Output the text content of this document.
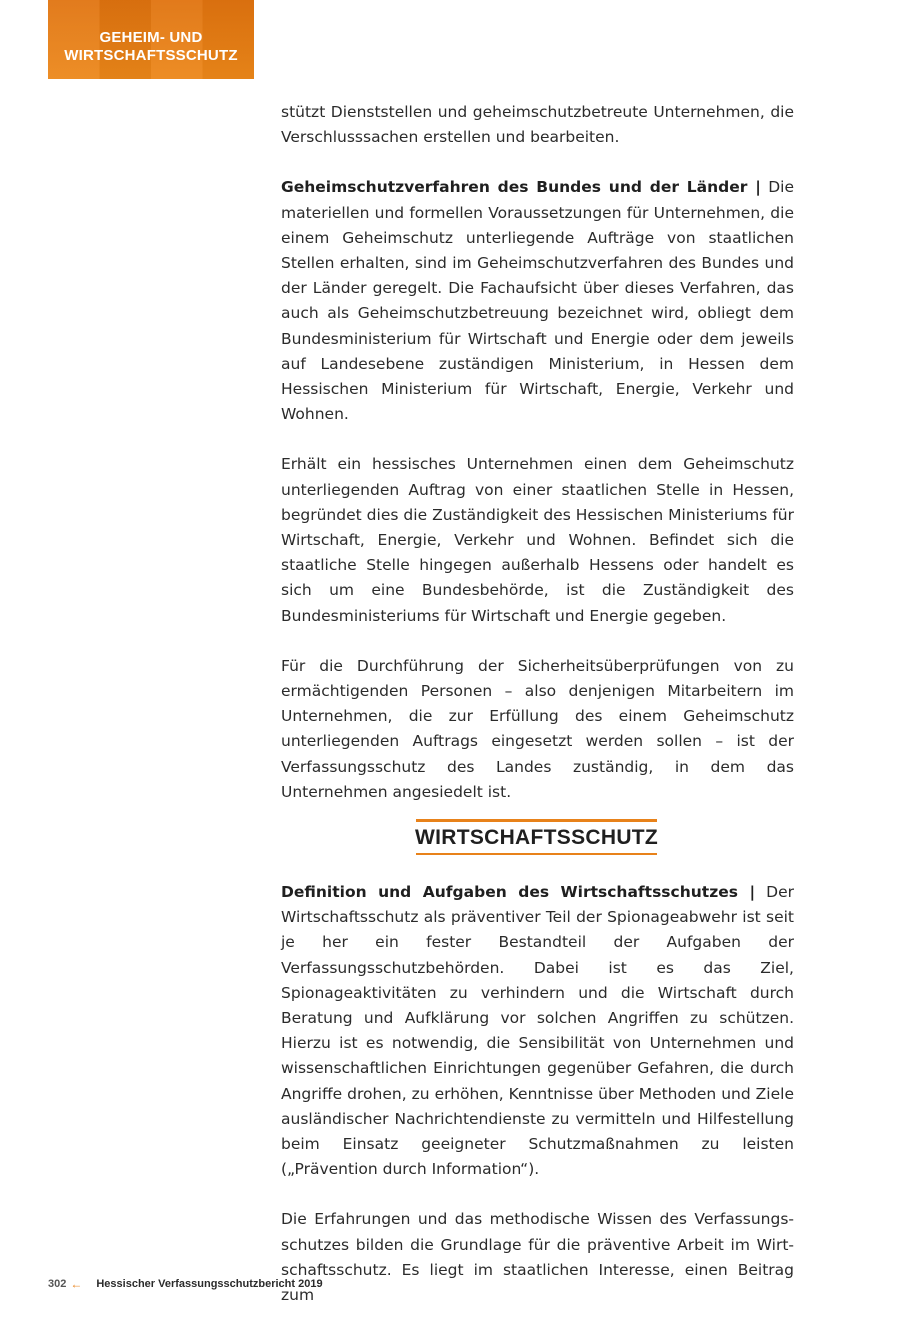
GEHEIM- UND
WIRTSCHAFTSSCHUTZ

stützt Dienststellen und geheimschutzbetreute Unternehmen, die Verschlusssachen erstellen und bearbeiten.

Geheimschutzverfahren des Bundes und der Länder | Die materiellen und formellen Voraussetzungen für Unternehmen, die einem Geheimschutz unterliegende Aufträge von staatlichen Stellen erhalten, sind im Geheimschutzverfahren des Bundes und der Länder geregelt. Die Fachaufsicht über dieses Verfahren, das auch als Geheimschutzbetreuung bezeichnet wird, obliegt dem Bundesministerium für Wirtschaft und Energie oder dem jeweils auf Landesebene zuständigen Ministerium, in Hessen dem Hessischen Ministerium für Wirtschaft, Energie, Verkehr und Wohnen.

Erhält ein hessisches Unternehmen einen dem Geheimschutz unterliegenden Auftrag von einer staatlichen Stelle in Hessen, begründet dies die Zuständigkeit des Hessischen Ministeriums für Wirtschaft, Energie, Verkehr und Wohnen. Befindet sich die staatliche Stelle hingegen außerhalb Hessens oder handelt es sich um eine Bundesbehörde, ist die Zuständigkeit des Bundesministeriums für Wirtschaft und Energie gegeben.

Für die Durchführung der Sicherheitsüberprüfungen von zu ermächtigenden Personen – also denjenigen Mitarbeitern im Unternehmen, die zur Erfüllung des einem Geheimschutz unterliegenden Auftrags eingesetzt werden sollen – ist der Verfassungsschutz des Landes zuständig, in dem das Unternehmen angesiedelt ist.

WIRTSCHAFTSSCHUTZ

Definition und Aufgaben des Wirtschaftsschutzes | Der Wirtschaftsschutz als präventiver Teil der Spionageabwehr ist seit je her ein fester Bestandteil der Aufgaben der Verfassungsschutzbehörden. Dabei ist es das Ziel, Spionageaktivitäten zu verhindern und die Wirtschaft durch Beratung und Aufklärung vor solchen Angriffen zu schützen. Hierzu ist es notwendig, die Sensibilität von Unternehmen und wissenschaftlichen Einrichtungen gegenüber Gefahren, die durch Angriffe drohen, zu erhöhen, Kenntnisse über Methoden und Ziele ausländischer Nachrichtendienste zu vermitteln und Hilfestellung beim Einsatz geeigneter Schutzmaßnahmen zu leisten („Prävention durch Information“).

Die Erfahrungen und das methodische Wissen des Verfassungsschutzes bilden die Grundlage für die präventive Arbeit im Wirtschaftsschutz. Es liegt im staatlichen Interesse, einen Beitrag zum

302 ← Hessischer Verfassungsschutzbericht 2019
